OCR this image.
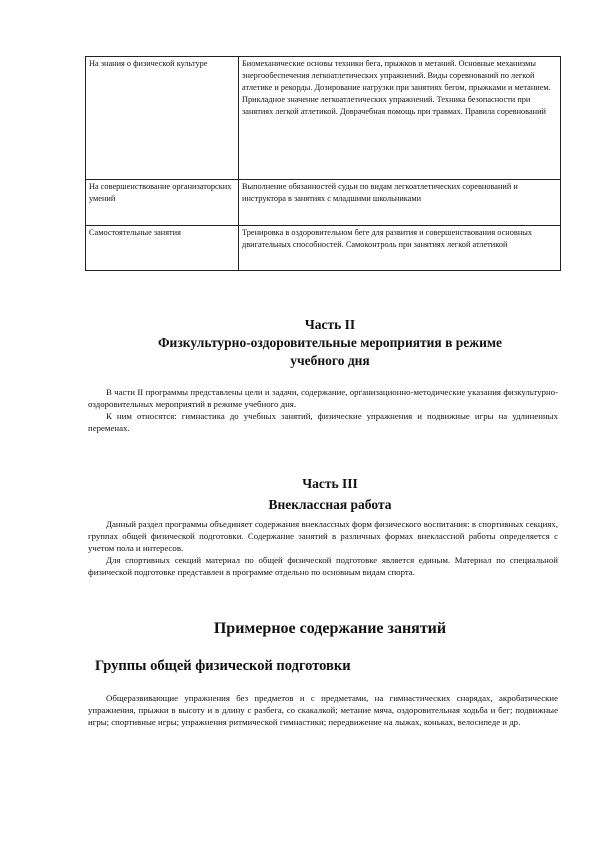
На знания о физической культуре	Биомеханические основы техники бега, прыжков и метаний. Основные механизмы энергообеспечения легкоатлетических упражнений. Виды соревнований по легкой атлетике и рекорды. Дозирование нагрузки при занятиях бегом, прыжками и метанием. Прикладное значение легкоатлетических упражнений. Техника безопасности при занятиях легкой атлетикой. Доврачебная помощь при травмах. Правила соревнований
На совершенствование организаторских умений	Выполнение обязанностей судьи по видам легкоатлетических соревнований и инструктора в занятиях с младшими школьниками
Самостоятельные занятия	Тренировка в оздоровительном беге для развития и совершенствования основных двигательных способностей. Самоконтроль при занятиях легкой атлетикой
Часть II
Физкультурно-оздоровительные мероприятия в режиме
учебного дня

В части II программы представлены цели и задачи, содержание, организационно-методические указания физкультурно-оздоровительных мероприятий в режиме учебного дня.

К ним относятся: гимнастика до учебных занятий, физические упражнения и подвижные игры на удлиненных переменах.

Часть III
Внеклассная работа

Данный раздел программы объединяет содержания внеклассных форм физического воспитания: в спортивных секциях, группах общей физической подготовки. Содержание занятий в различных формах внеклассной работы определяется с учетом пола и интересов.

Для спортивных секций материал по общей физической подготовке является единым. Материал по специальной физической подготовке представлен в программе отдельно по основным видам спорта.

Примерное содержание занятий
Группы общей физической подготовки

Общеразвивающие упражнения без предметов и с предметами, на гимнастических снарядах, акробатические упражнения, прыжки в высоту и в длину с разбега, со скакалкой; метание мяча, оздоровительная ходьба и бег; подвижные игры; спортивные игры; упражнения ритмической гимнастики; передвижение на лыжах, коньках, велосипеде и др.
